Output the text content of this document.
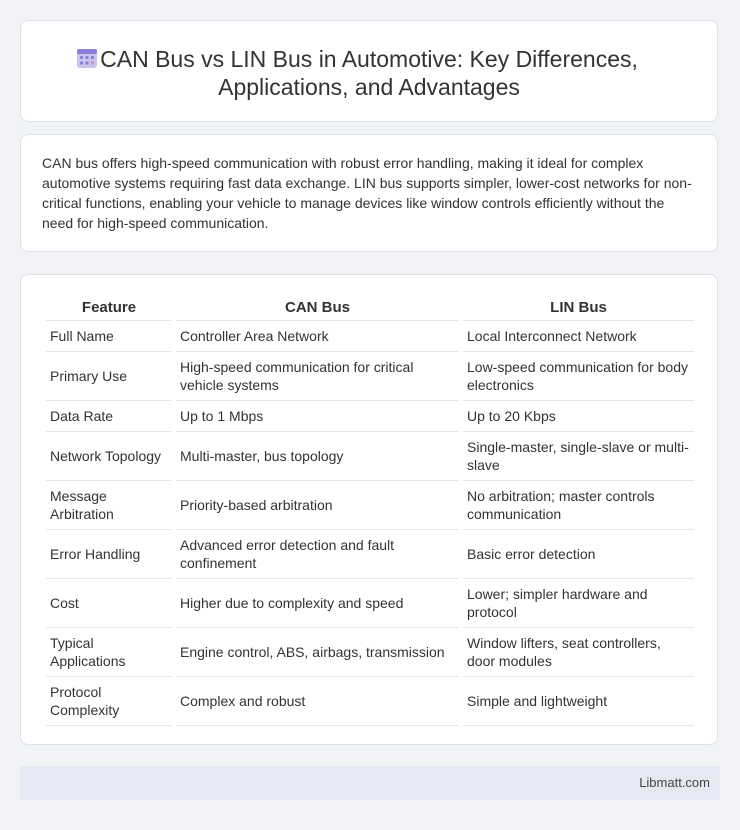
CAN Bus vs LIN Bus in Automotive: Key Differences, Applications, and Advantages

CAN bus offers high-speed communication with robust error handling, making it ideal for complex automotive systems requiring fast data exchange. LIN bus supports simpler, lower-cost networks for non-critical functions, enabling your vehicle to manage devices like window controls efficiently without the need for high-speed communication.

Feature	CAN Bus	LIN Bus
Full Name	Controller Area Network	Local Interconnect Network
Primary Use	High-speed communication for critical vehicle systems	Low-speed communication for body electronics
Data Rate	Up to 1 Mbps	Up to 20 Kbps
Network Topology	Multi-master, bus topology	Single-master, single-slave or multi-slave
Message Arbitration	Priority-based arbitration	No arbitration; master controls communication
Error Handling	Advanced error detection and fault confinement	Basic error detection
Cost	Higher due to complexity and speed	Lower; simpler hardware and protocol
Typical Applications	Engine control, ABS, airbags, transmission	Window lifters, seat controllers, door modules
Protocol Complexity	Complex and robust	Simple and lightweight
Libmatt.com
